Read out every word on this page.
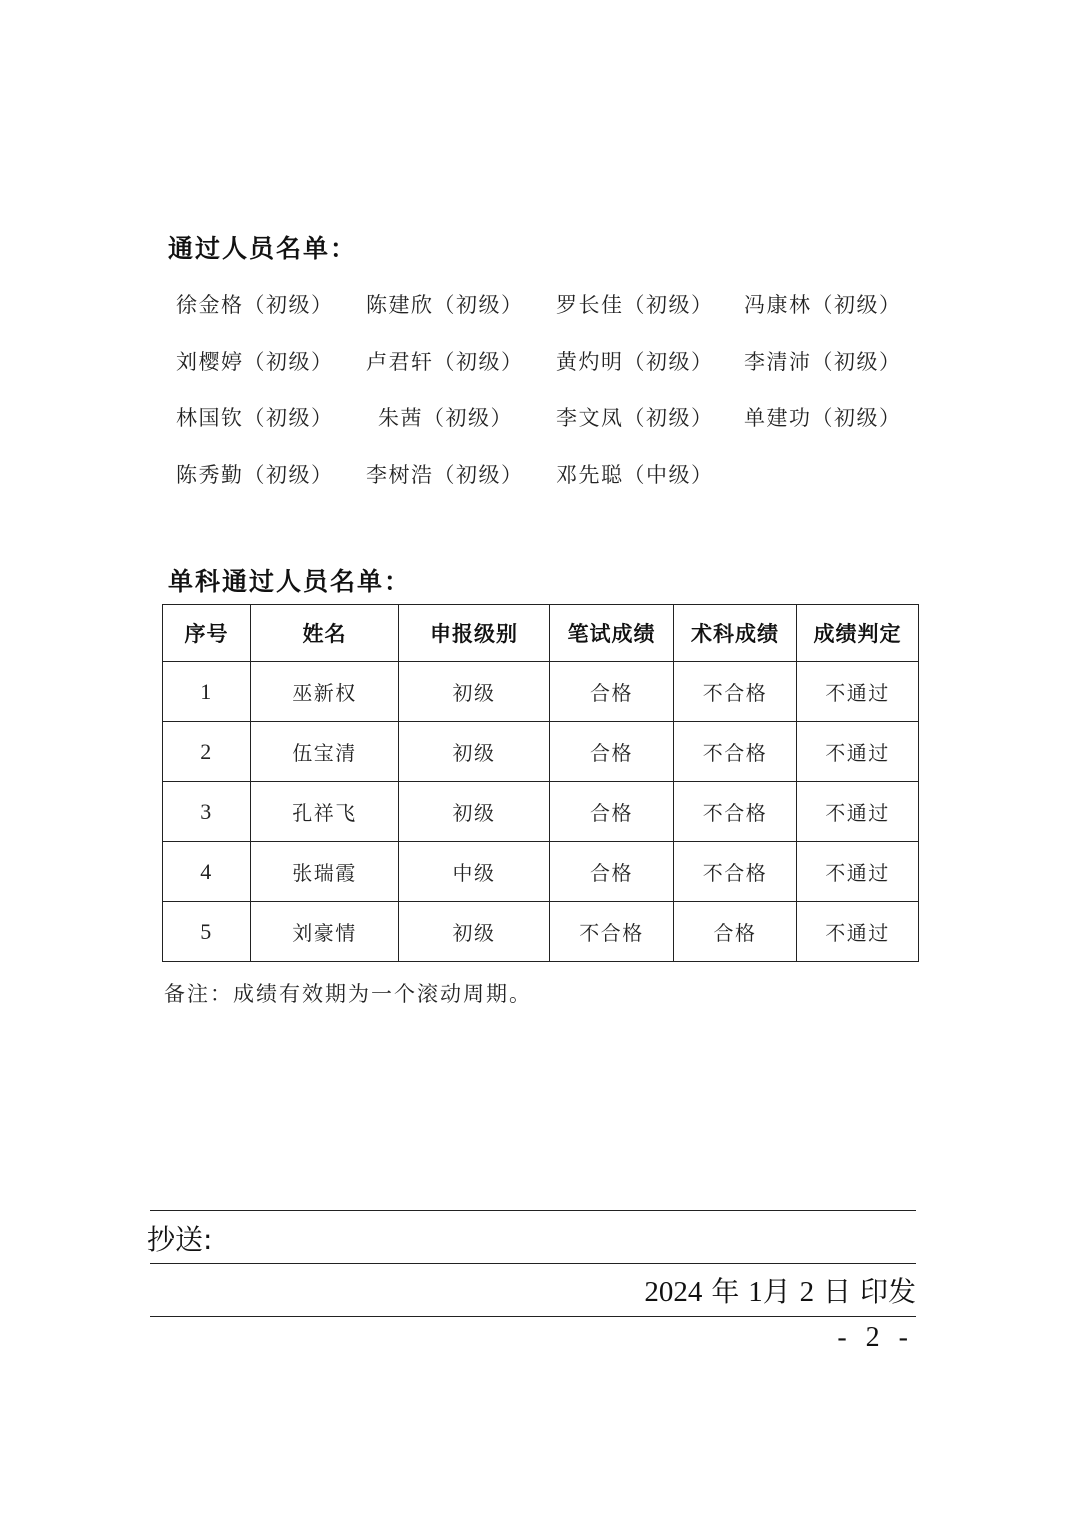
通过人员名单：
徐金格（初级）	陈建欣（初级）	罗长佳（初级）	冯康林（初级）
刘樱婷（初级）	卢君轩（初级）	黄灼明（初级）	李清沛（初级）
林国钦（初级）	朱茜（初级）	李文凤（初级）	单建功（初级）
陈秀勤（初级）	李树浩（初级）	邓先聪（中级）
单科通过人员名单：
序号	姓名	申报级别	笔试成绩	术科成绩	成绩判定
1	巫新权	初级	合格	不合格	不通过
2	伍宝清	初级	合格	不合格	不通过
3	孔祥飞	初级	合格	不合格	不通过
4	张瑞霞	中级	合格	不合格	不通过
5	刘豪情	初级	不合格	合格	不通过
备注：成绩有效期为一个滚动周期。
抄送:
2024 年 1月 2 日 印发
- 2 -
